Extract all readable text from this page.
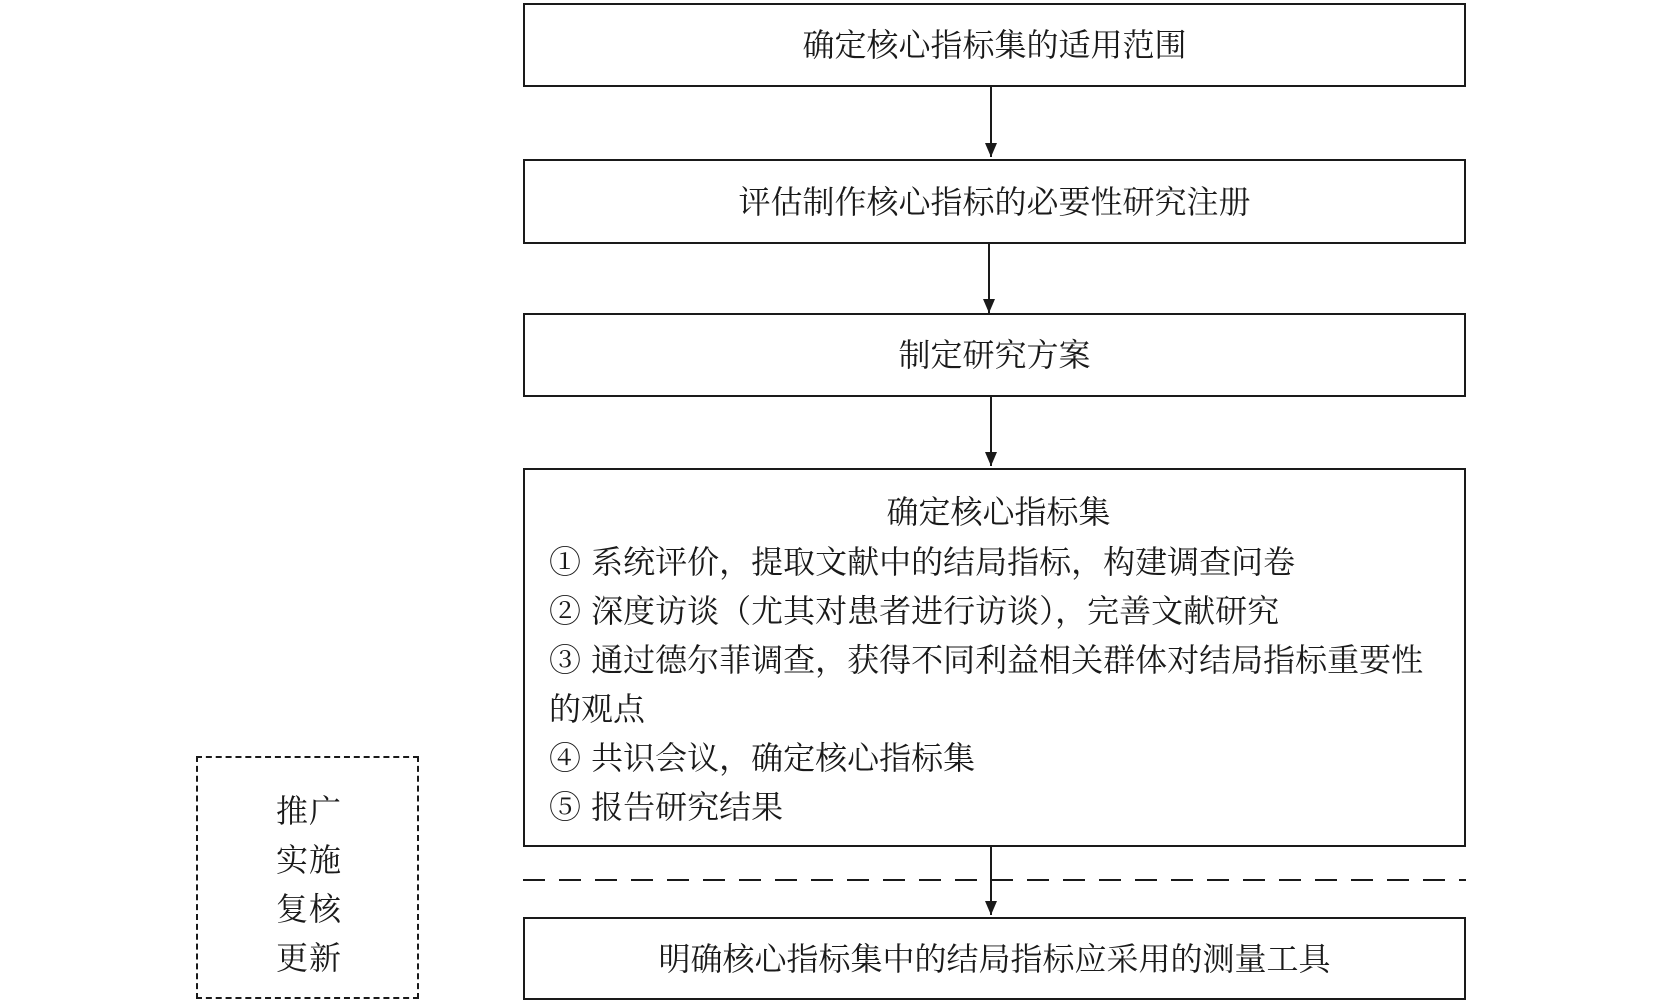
确定核心指标集的适用范围
评估制作核心指标的必要性研究注册
制定研究方案
确定核心指标集
① 系统评价，提取文献中的结局指标，构建调查问卷
② 深度访谈（尤其对患者进行访谈），完善文献研究
③ 通过德尔菲调查，获得不同利益相关群体对结局指标重要性的观点
④ 共识会议，确定核心指标集
⑤ 报告研究结果
明确核心指标集中的结局指标应采用的测量工具
推广
实施
复核
更新
